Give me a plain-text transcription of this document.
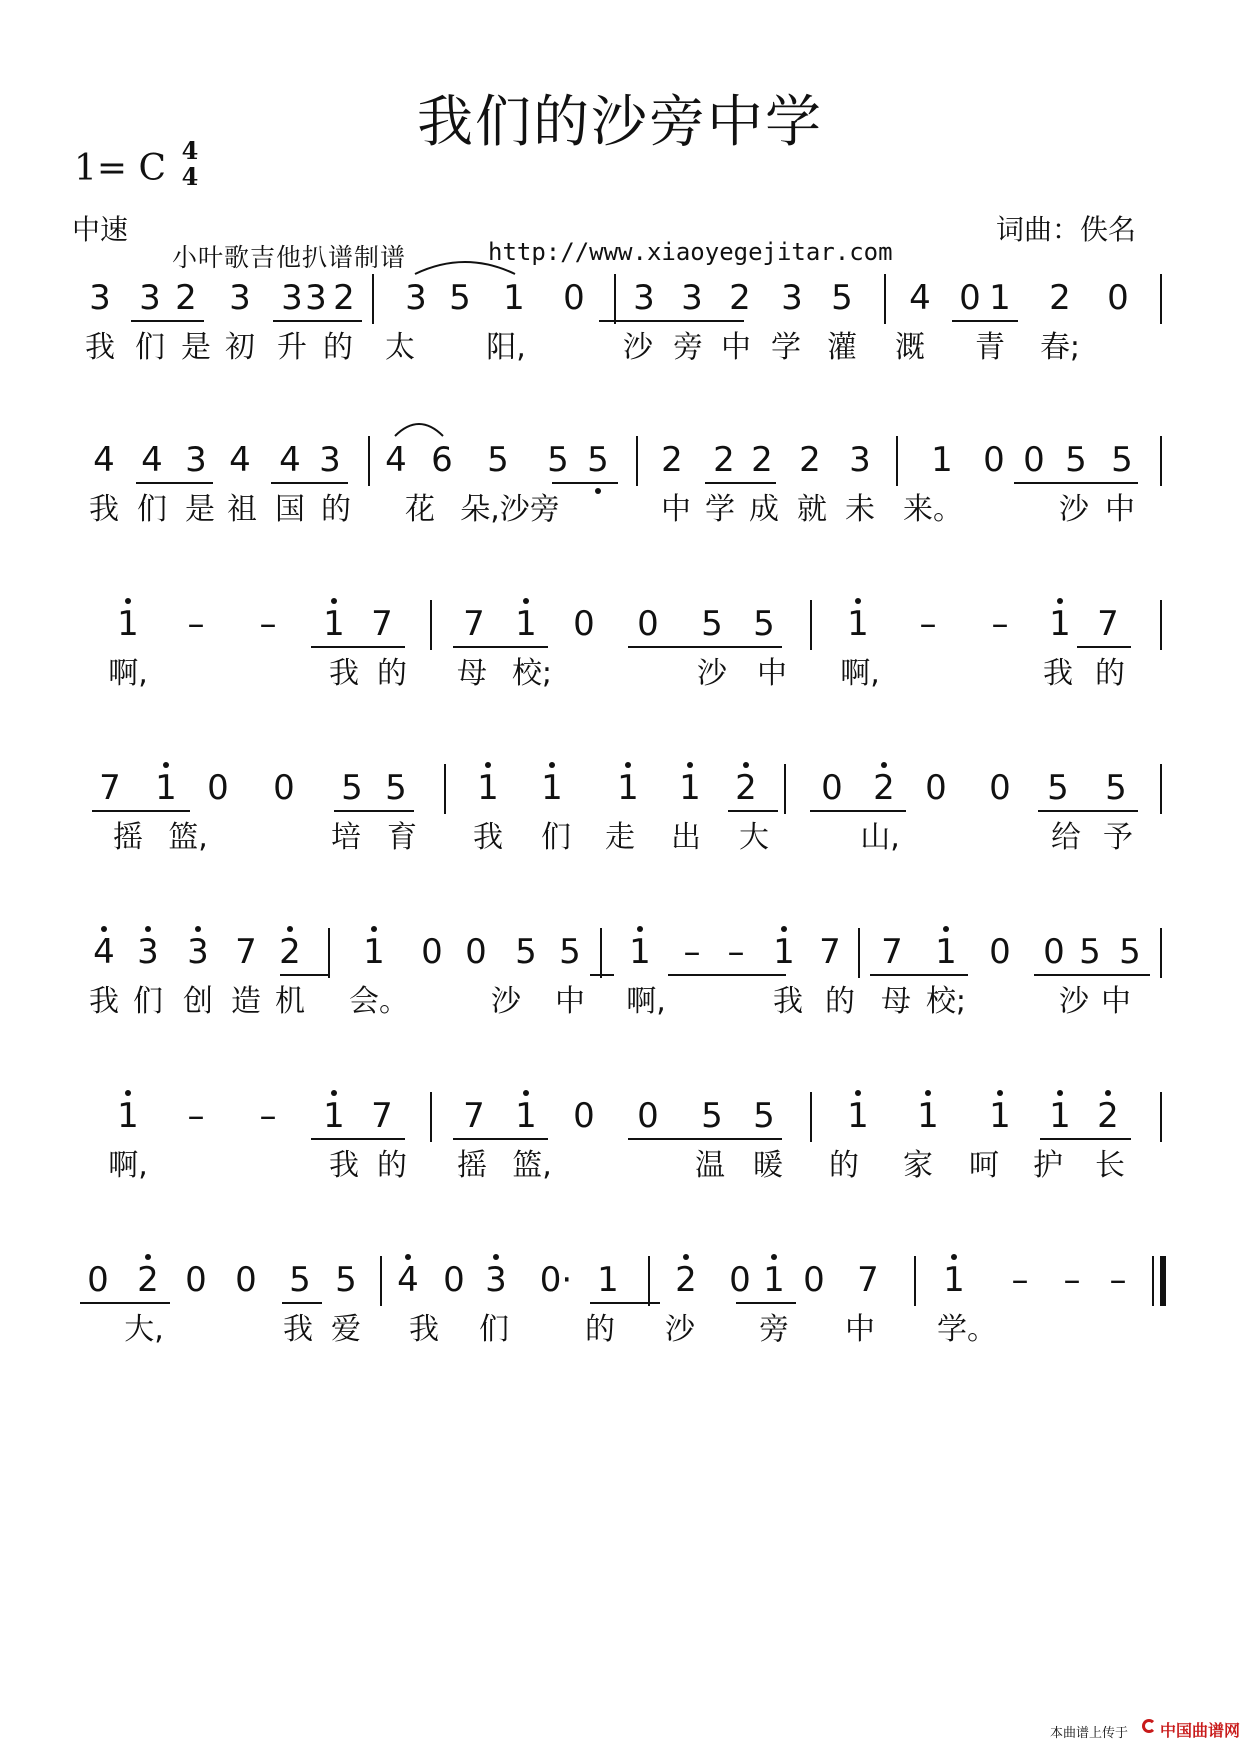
我们的沙旁中学
1= C 4
4
中速	词曲：佚名
小叶歌吉他扒谱制谱	http://www.xiaoyegejitar.com
3 3 2 3 3 3 2 3 5 1 0 3 3 2 3 5 4 0 1 2 0
我 们 是 初 升 的	太	阳,	沙 旁 中 学 灌	溉	青	春;
4 4 3 4 4 3 4 6 5 5 5 2 2 2 2 3 1 0 0 5 5
我 们 是 祖 国 的	花 朵,沙旁	中 学 成 就 未 来。	沙 中
1	–	–	1 7 7 1 0 0 5 5 1	–	–	1 7
啊,	我 的	母 校;	沙	中	啊,	我 的
7 1 0 0 5 5 1 1 1 1 2 0 2 0 0 5 5
摇 篮,	培 育	我	们	走	出	大	山,	给 予
4 3 3 7 2 1 0 0 5 5 1 – – 1 7 7 1 0 0 5 5
我 们 创 造 机	会。	沙	中	啊,	我 的 母 校;	沙 中
1	–	–	1 7 7 1 0 0 5 5 1 1 1 1 2
啊,	我 的	摇 篮,	温 暖	的	家	呵	护	长
0 2 0 0 5 5 4 0 3 0· 1 2 0 1 0 7 1	–	– –
大,	我 爱	我	们	的	沙	旁	中	学。
本曲谱上传于 中国曲谱网
